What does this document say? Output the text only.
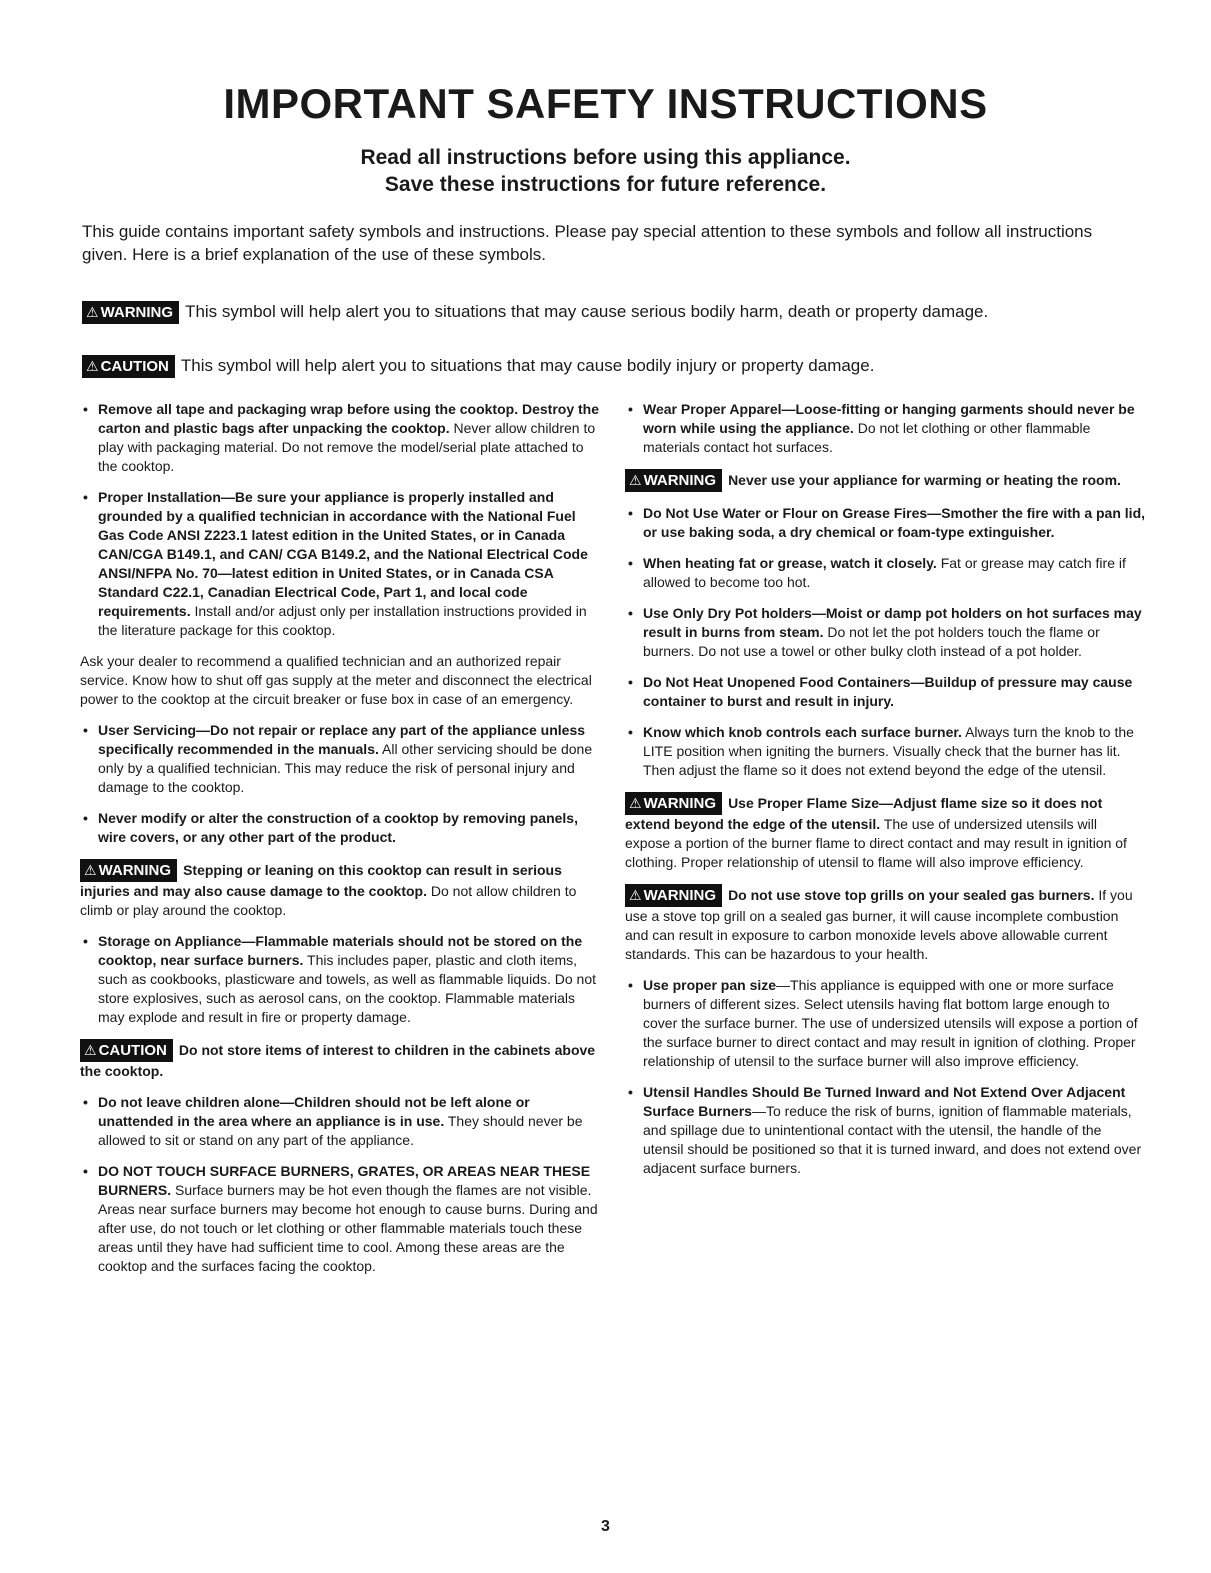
IMPORTANT SAFETY INSTRUCTIONS
Read all instructions before using this appliance.
Save these instructions for future reference.

This guide contains important safety symbols and instructions. Please pay special attention to these symbols and follow all instructions given. Here is a brief explanation of the use of these symbols.

⚠ WARNING This symbol will help alert you to situations that may cause serious bodily harm, death or property damage.
⚠ CAUTION This symbol will help alert you to situations that may cause bodily injury or property damage.
• Remove all tape and packaging wrap before using the cooktop. Destroy the carton and plastic bags after unpacking the cooktop. Never allow children to play with packaging material. Do not remove the model/serial plate attached to the cooktop.
• Proper Installation—Be sure your appliance is properly installed and grounded by a qualified technician in accordance with the National Fuel Gas Code ANSI Z223.1 latest edition in the United States, or in Canada CAN/CGA B149.1, and CAN/ CGA B149.2, and the National Electrical Code ANSI/NFPA No. 70—latest edition in United States, or in Canada CSA Standard C22.1, Canadian Electrical Code, Part 1, and local code requirements. Install and/or adjust only per installation instructions provided in the literature package for this cooktop.

Ask your dealer to recommend a qualified technician and an authorized repair service. Know how to shut off gas supply at the meter and disconnect the electrical power to the cooktop at the circuit breaker or fuse box in case of an emergency.

• User Servicing—Do not repair or replace any part of the appliance unless specifically recommended in the manuals. All other servicing should be done only by a qualified technician. This may reduce the risk of personal injury and damage to the cooktop.
• Never modify or alter the construction of a cooktop by removing panels, wire covers, or any other part of the product.
⚠ WARNING Stepping or leaning on this cooktop can result in serious injuries and may also cause damage to the cooktop. Do not allow children to climb or play around the cooktop.
• Storage on Appliance—Flammable materials should not be stored on the cooktop, near surface burners. This includes paper, plastic and cloth items, such as cookbooks, plasticware and towels, as well as flammable liquids. Do not store explosives, such as aerosol cans, on the cooktop. Flammable materials may explode and result in fire or property damage.
⚠ CAUTION Do not store items of interest to children in the cabinets above the cooktop.
• Do not leave children alone—Children should not be left alone or unattended in the area where an appliance is in use. They should never be allowed to sit or stand on any part of the appliance.
• DO NOT TOUCH SURFACE BURNERS, GRATES, OR AREAS NEAR THESE BURNERS. Surface burners may be hot even though the flames are not visible. Areas near surface burners may become hot enough to cause burns. During and after use, do not touch or let clothing or other flammable materials touch these areas until they have had sufficient time to cool. Among these areas are the cooktop and the surfaces facing the cooktop.
• Wear Proper Apparel—Loose-fitting or hanging garments should never be worn while using the appliance. Do not let clothing or other flammable materials contact hot surfaces.
⚠ WARNING Never use your appliance for warming or heating the room.
• Do Not Use Water or Flour on Grease Fires—Smother the fire with a pan lid, or use baking soda, a dry chemical or foam-type extinguisher.
• When heating fat or grease, watch it closely. Fat or grease may catch fire if allowed to become too hot.
• Use Only Dry Pot holders—Moist or damp pot holders on hot surfaces may result in burns from steam. Do not let the pot holders touch the flame or burners. Do not use a towel or other bulky cloth instead of a pot holder.
• Do Not Heat Unopened Food Containers—Buildup of pressure may cause container to burst and result in injury.
• Know which knob controls each surface burner. Always turn the knob to the LITE position when igniting the burners. Visually check that the burner has lit. Then adjust the flame so it does not extend beyond the edge of the utensil.
⚠ WARNING Use Proper Flame Size—Adjust flame size so it does not extend beyond the edge of the utensil. The use of undersized utensils will expose a portion of the burner flame to direct contact and may result in ignition of clothing. Proper relationship of utensil to flame will also improve efficiency.
⚠ WARNING Do not use stove top grills on your sealed gas burners. If you use a stove top grill on a sealed gas burner, it will cause incomplete combustion and can result in exposure to carbon monoxide levels above allowable current standards. This can be hazardous to your health.
• Use proper pan size—This appliance is equipped with one or more surface burners of different sizes. Select utensils having flat bottom large enough to cover the surface burner. The use of undersized utensils will expose a portion of the surface burner to direct contact and may result in ignition of clothing. Proper relationship of utensil to the surface burner will also improve efficiency.
• Utensil Handles Should Be Turned Inward and Not Extend Over Adjacent Surface Burners—To reduce the risk of burns, ignition of flammable materials, and spillage due to unintentional contact with the utensil, the handle of the utensil should be positioned so that it is turned inward, and does not extend over adjacent surface burners.
3
